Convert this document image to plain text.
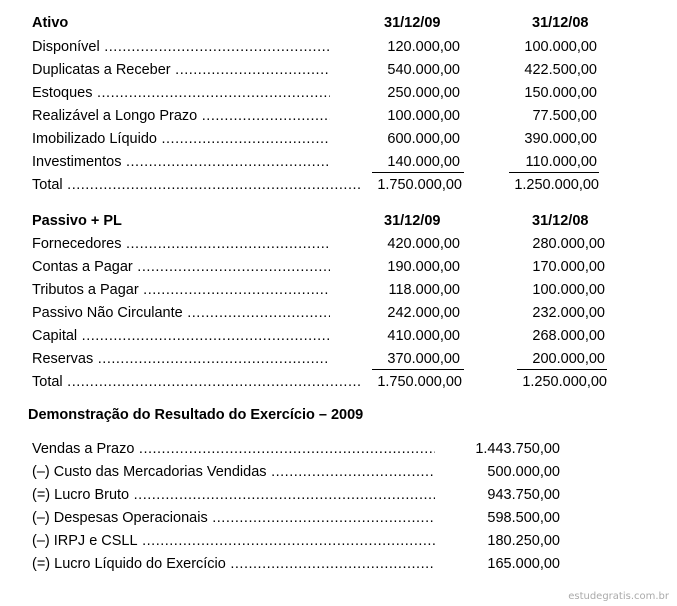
Ativo	31/12/09	31/12/08
Disponível .....	120.000,00	100.000,00
Duplicatas a Receber .....	540.000,00	422.500,00
Estoques .....	250.000,00	150.000,00
Realizável a Longo Prazo .....	100.000,00	77.500,00
Imobilizado Líquido .....	600.000,00	390.000,00
Investimentos .....	140.000,00	110.000,00
Total .....	1.750.000,00	1.250.000,00
Passivo + PL	31/12/09	31/12/08
Fornecedores .....	420.000,00	280.000,00
Contas a Pagar .....	190.000,00	170.000,00
Tributos a Pagar .....	118.000,00	100.000,00
Passivo Não Circulante .....	242.000,00	232.000,00
Capital .....	410.000,00	268.000,00
Reservas .....	370.000,00	200.000,00
Total .....	1.750.000,00	1.250.000,00
Demonstração do Resultado do Exercício – 2009
Vendas a Prazo .....	1.443.750,00
(–) Custo das Mercadorias Vendidas .....	500.000,00
(=) Lucro Bruto .....	943.750,00
(–) Despesas Operacionais .....	598.500,00
(–) IRPJ e CSLL .....	180.250,00
(=) Lucro Líquido do Exercício .....	165.000,00
estudegratis.com.br
